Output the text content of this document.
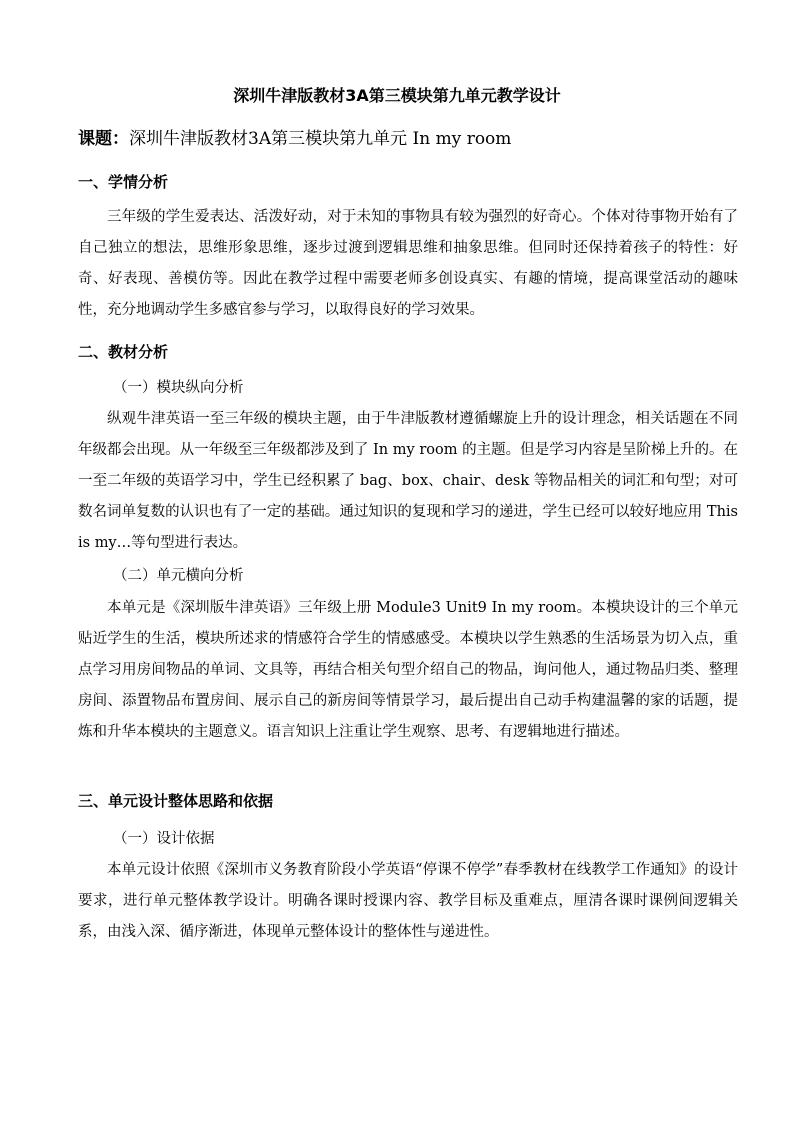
深圳牛津版教材3A第三模块第九单元教学设计
课题：深圳牛津版教材3A第三模块第九单元 In my room
一、学情分析
三年级的学生爱表达、活泼好动，对于未知的事物具有较为强烈的好奇心。个体对待事物开始有了自己独立的想法，思维形象思维，逐步过渡到逻辑思维和抽象思维。但同时还保持着孩子的特性：好奇、好表现、善模仿等。因此在教学过程中需要老师多创设真实、有趣的情境，提高课堂活动的趣味性，充分地调动学生多感官参与学习，以取得良好的学习效果。
二、教材分析
（一）模块纵向分析
纵观牛津英语一至三年级的模块主题，由于牛津版教材遵循螺旋上升的设计理念，相关话题在不同年级都会出现。从一年级至三年级都涉及到了 In my room 的主题。但是学习内容是呈阶梯上升的。在一至二年级的英语学习中，学生已经积累了 bag、box、chair、desk 等物品相关的词汇和句型；对可数名词单复数的认识也有了一定的基础。通过知识的复现和学习的递进，学生已经可以较好地应用 This is my…等句型进行表达。
（二）单元横向分析
本单元是《深圳版牛津英语》三年级上册 Module3 Unit9 In my room。本模块设计的三个单元贴近学生的生活，模块所述求的情感符合学生的情感感受。本模块以学生熟悉的生活场景为切入点，重点学习用房间物品的单词、文具等，再结合相关句型介绍自己的物品，询问他人，通过物品归类、整理房间、添置物品布置房间、展示自己的新房间等情景学习，最后提出自己动手构建温馨的家的话题，提炼和升华本模块的主题意义。语言知识上注重让学生观察、思考、有逻辑地进行描述。
三、单元设计整体思路和依据
（一）设计依据
本单元设计依照《深圳市义务教育阶段小学英语“停课不停学”春季教材在线教学工作通知》的设计要求，进行单元整体教学设计。明确各课时授课内容、教学目标及重难点，厘清各课时课例间逻辑关系，由浅入深、循序渐进，体现单元整体设计的整体性与递进性。
